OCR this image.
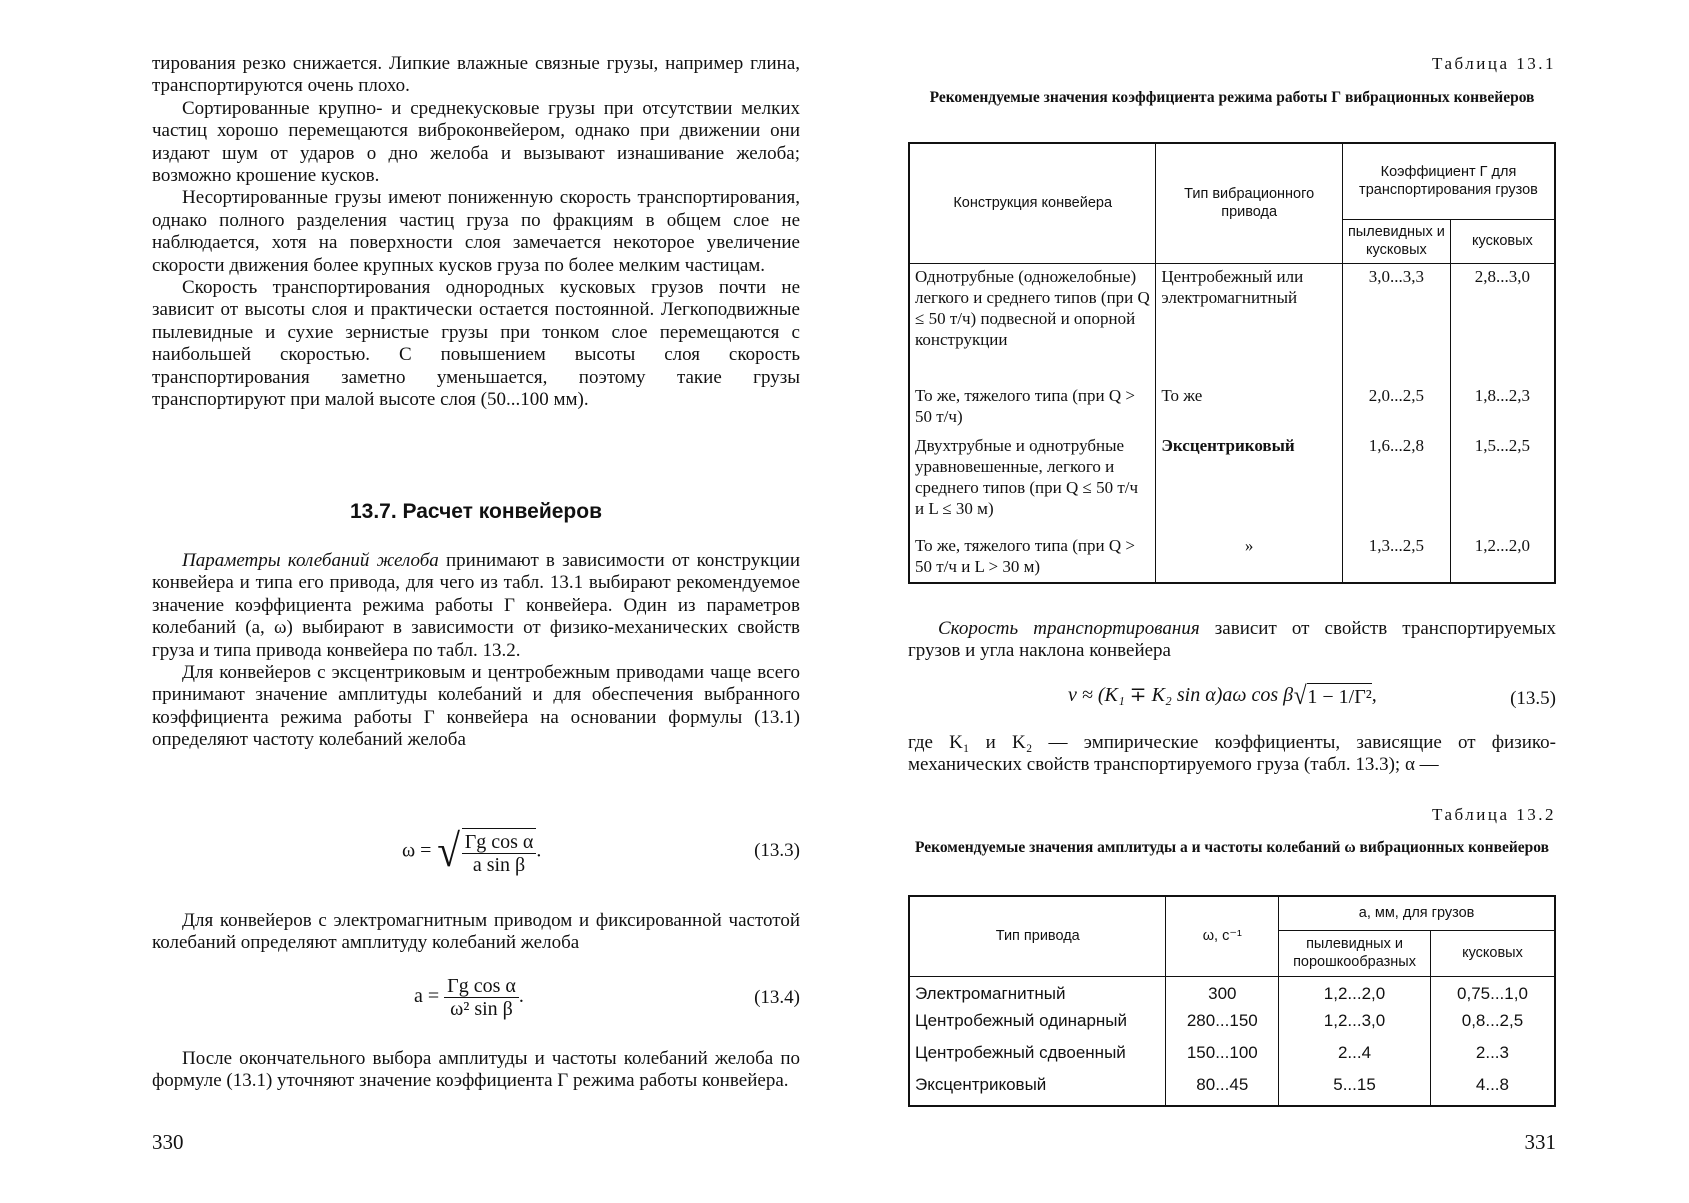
тирования резко снижается. Липкие влажные связные грузы, например глина, транспортируются очень плохо.

Сортированные крупно- и среднекусковые грузы при отсутствии мелких частиц хорошо перемещаются виброконвейером, однако при движении они издают шум от ударов о дно желоба и вызывают изнашивание желоба; возможно крошение кусков.

Несортированные грузы имеют пониженную скорость транспортирования, однако полного разделения частиц груза по фракциям в общем слое не наблюдается, хотя на поверхности слоя замечается некоторое увеличение скорости движения более крупных кусков груза по более мелким частицам.

Скорость транспортирования однородных кусковых грузов почти не зависит от высоты слоя и практически остается постоянной. Легкоподвижные пылевидные и сухие зернистые грузы при тонком слое перемещаются с наибольшей скоростью. С повышением высоты слоя скорость транспортирования заметно уменьшается, поэтому такие грузы транспортируют при малой высоте слоя (50...100 мм).

13.7. Расчет конвейеров

Параметры колебаний желоба принимают в зависимости от конструкции конвейера и типа его привода, для чего из табл. 13.1 выбирают рекомендуемое значение коэффициента режима работы Г конвейера. Один из параметров колебаний (a, ω) выбирают в зависимости от физико-механических свойств груза и типа привода конвейера по табл. 13.2.

Для конвейеров с эксцентриковым и центробежным приводами чаще всего принимают значение амплитуды колебаний и для обеспечения выбранного коэффициента режима работы Г конвейера на основании формулы (13.1) определяют частоту колебаний желоба

ω = √ $\frac{\text{Гg cos α}}{\text{a sin β}}$ .	(13.3)

Для конвейеров с электромагнитным приводом и фиксированной частотой колебаний определяют амплитуду колебаний желоба

$a = \frac{\text{Гg cos α}}{\text{ω² sin β}}$ .	(13.4)

После окончательного выбора амплитуды и частоты колебаний желоба по формуле (13.1) уточняют значение коэффициента Г режима работы конвейера.

330

Таблица 13.1

Рекомендуемые значения коэффициента режима работы Г вибрационных конвейеров

Конструкция конвейера	Тип вибрационного привода	Коэффициент Г для транспортирования грузов	
		пылевидных и кусковых	кусковых
Однотрубные (одножелобные) легкого и среднего типов (при Q ≤ 50 т/ч) подвесной и опорной конструкции	Центробежный или электромагнитный	3,0...3,3	2,8...3,0
То же, тяжелого типа (при Q > 50 т/ч)	То же	2,0...2,5	1,8...2,3
Двухтрубные и однотрубные уравновешенные, легкого и среднего типов (при Q ≤ 50 т/ч и L ≤ 30 м)	Эксцентриковый	1,6...2,8	1,5...2,5
То же, тяжелого типа (при Q > 50 т/ч и L > 30 м)	»	1,3...2,5	1,2...2,0

Скорость транспортирования зависит от свойств транспортируемых грузов и угла наклона конвейера

v ≈ (K₁ ∓ K₂ sin α)aω cos β √ 1 − 1/Г² ,	(13.5)

где K₁ и K₂ — эмпирические коэффициенты, зависящие от физико-механических свойств транспортируемого груза (табл. 13.3); α —

Таблица 13.2

Рекомендуемые значения амплитуды a и частоты колебаний ω вибрационных конвейеров

Тип привода	ω, с⁻¹	a, мм, для грузов	
		пылевидных и порошкообразных	кусковых
Электромагнитный	300	1,2...2,0	0,75...1,0
Центробежный одинарный	280...150	1,2...3,0	0,8...2,5
Центробежный сдвоенный	150...100	2...4	2...3
Эксцентриковый	80...45	5...15	4...8
331
